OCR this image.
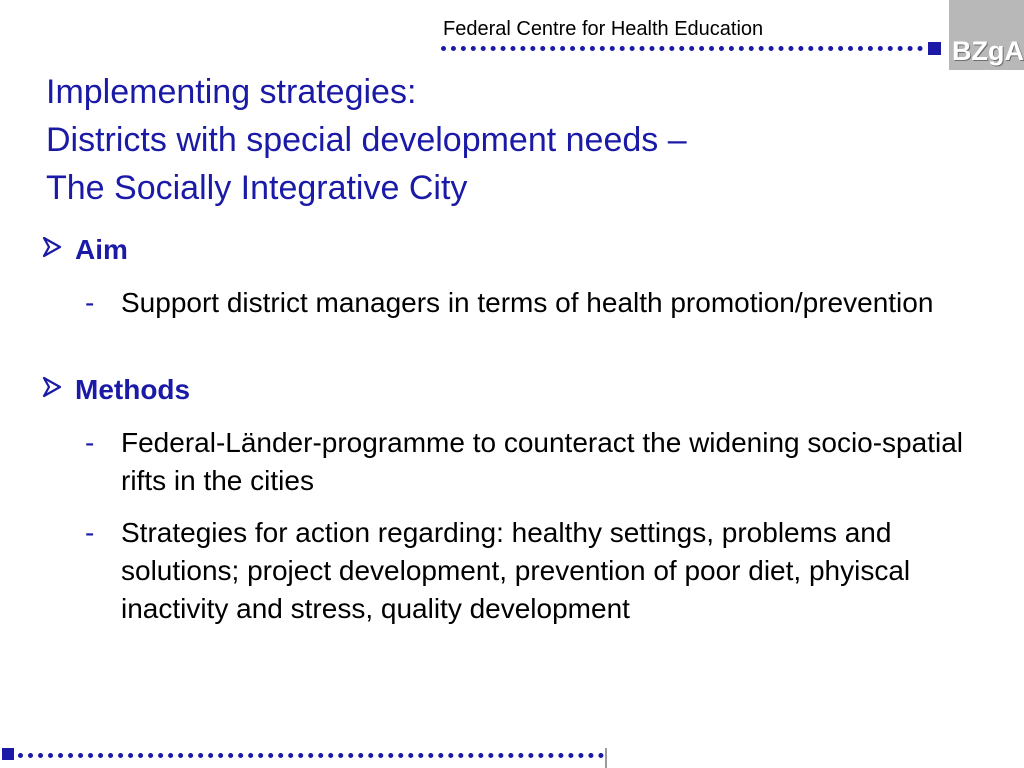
Federal Centre for Health Education
BZgA
Implementing strategies:
Districts with special development needs –
The Socially Integrative City
Aim
- Support district managers in terms of health promotion/prevention
Methods
- Federal-Länder-programme to counteract the widening socio-spatial rifts in the cities
- Strategies for action regarding: healthy settings, problems and solutions; project development, prevention of poor diet, phyiscal inactivity and stress, quality development
